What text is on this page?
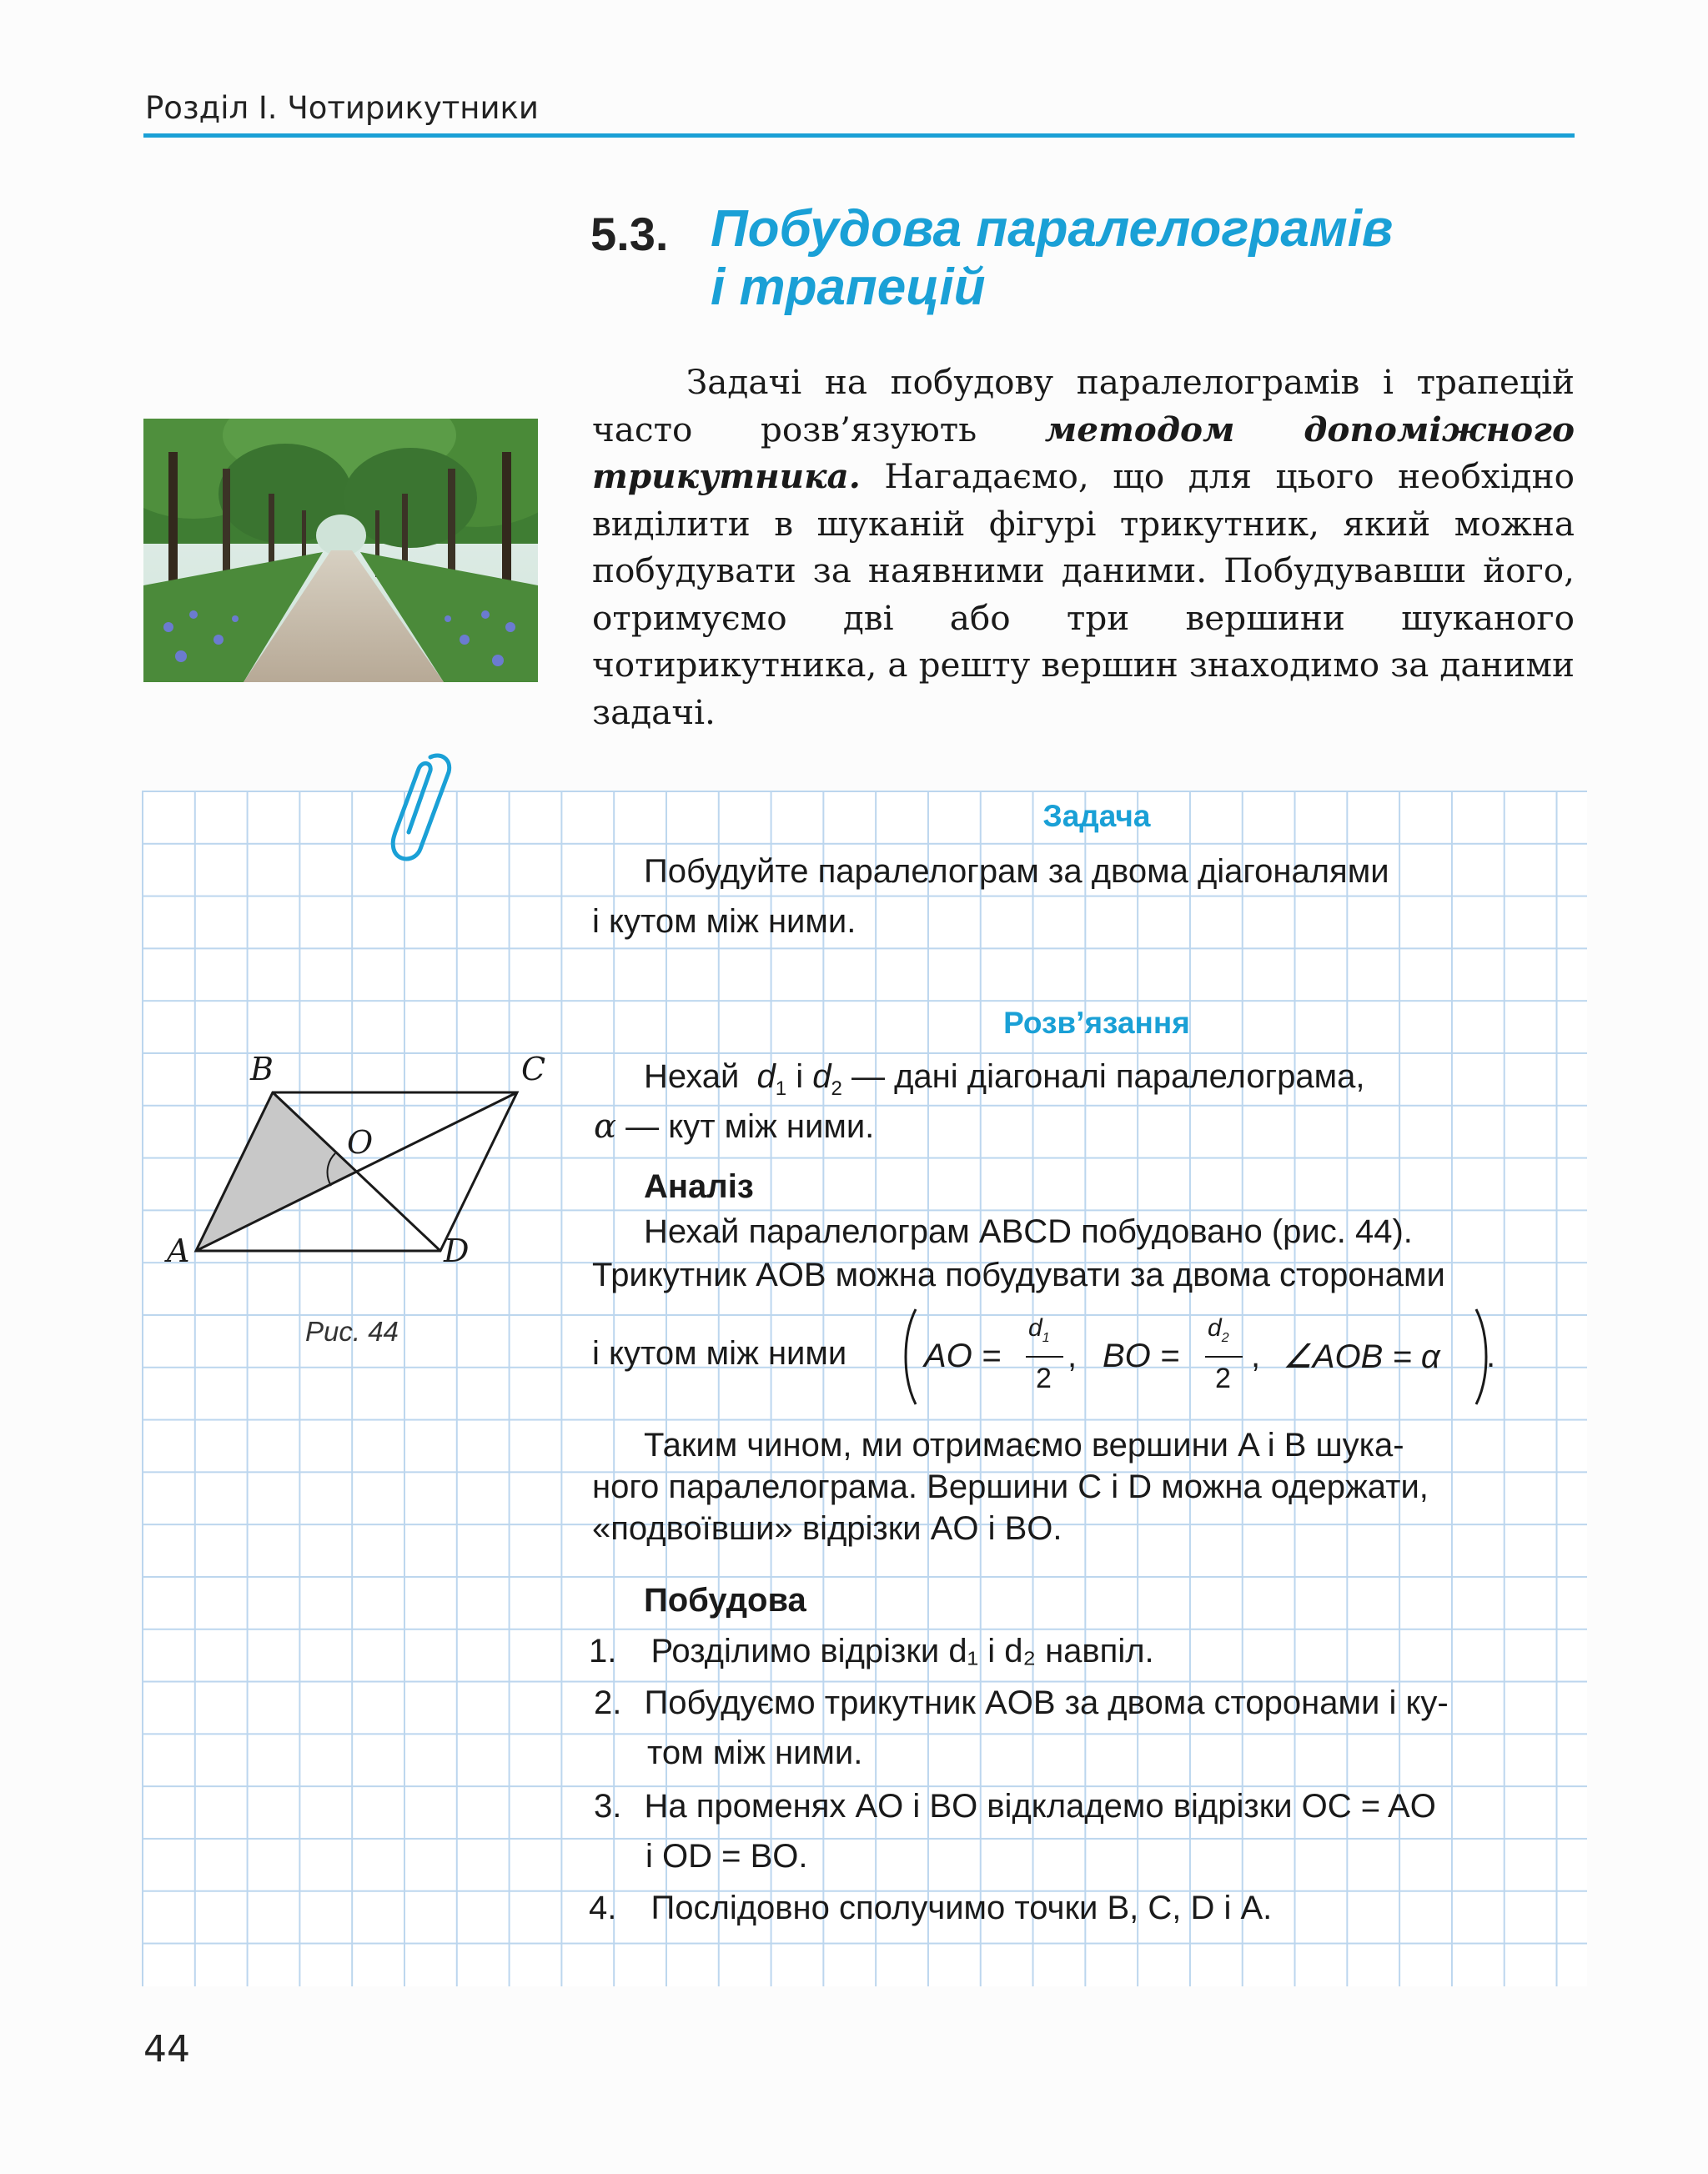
Розділ І. Чотирикутники
5.3. Побудова паралелограмів
і трапецій

Задачі на побудову паралелограмів і трапецій часто розв’язують методом допоміжного трикутника. Нагадаємо, що для цього необхідно виділити в шуканій фігурі трикутник, який можна побудувати за наявними даними. Побудувавши його, отримуємо дві або три вершини шуканого чотирикутника, а решту вершин знаходимо за даними задачі.

Задача
Побудуйте паралелограм за двома діагоналями
і кутом між ними.
Розв’язання
Нехай $d_1$ і $d_2$ — дані діагоналі паралелограма,
α — кут між ними.
Аналіз
Нехай паралелограм ABCD побудовано (рис. 44).
Трикутник AOB можна побудувати за двома сторонами
і кутом між ними AO =
$d_1$
2
, BO =
$d_2$
2
, ∠AOB = α .
Таким чином, ми отримаємо вершини A і B шука-
ного паралелограма. Вершини C і D можна одержати,
«подвоївши» відрізки AO і BO.
Побудова
1. Розділимо відрізки d₁ і d₂ навпіл.
2. Побудуємо трикутник AOB за двома сторонами і ку-
том між ними.
3. На променях AO і BO відкладемо відрізки OC = AO
і OD = BO.
4. Послідовно сполучимо точки B, C, D і A.
B	C
A	D
O
Рис. 44
44
